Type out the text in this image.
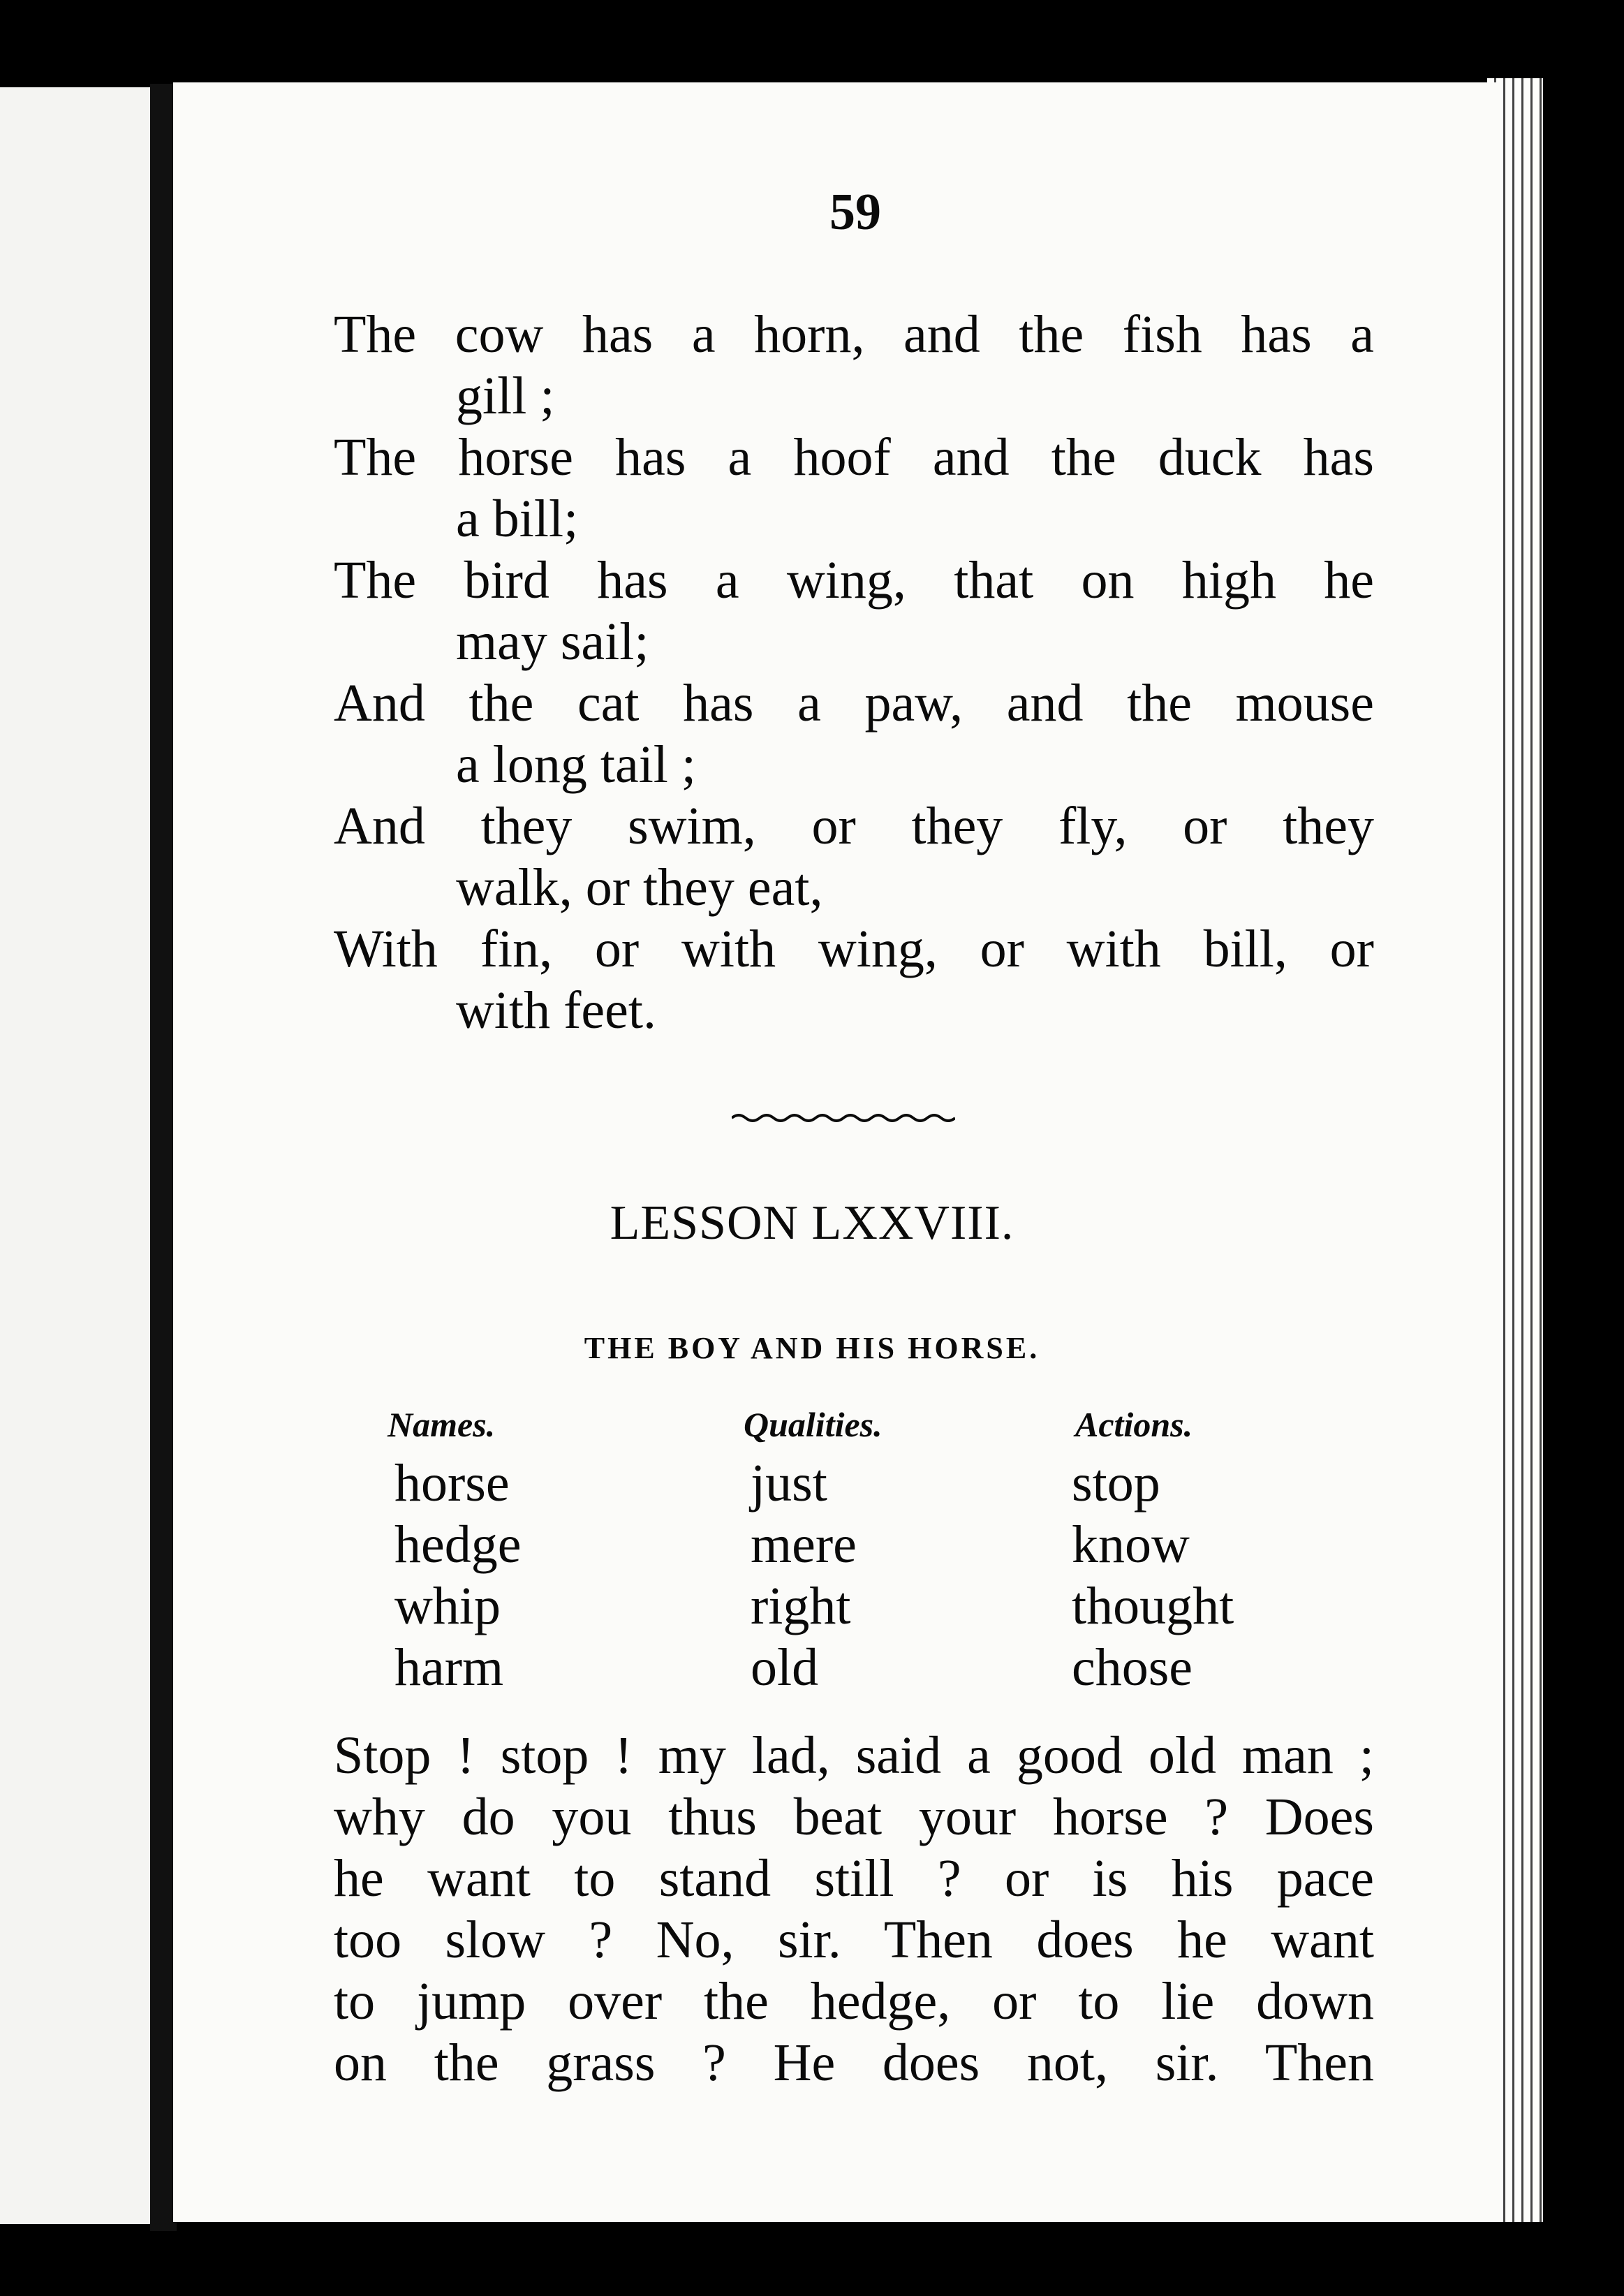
59
The cow has a horn, and the fish has a
gill ;
The horse has a hoof and the duck has
a bill;
The bird has a wing, that on high he
may sail;
And the cat has a paw, and the mouse
a long tail ;
And they swim, or they fly, or they
walk, or they eat,
With fin, or with wing, or with bill, or
with feet.
LESSON LXXVIII.
THE BOY AND HIS HORSE.
Names.
horse
hedge
whip
harm
Qualities.
just
mere
right
old
Actions.
stop
know
thought
chose
Stop ! stop ! my lad, said a good old man ;
why do you thus beat your horse ? Does
he want to stand still ? or is his pace
too slow ? No, sir. Then does he want
to jump over the hedge, or to lie down
on the grass ? He does not, sir. Then
